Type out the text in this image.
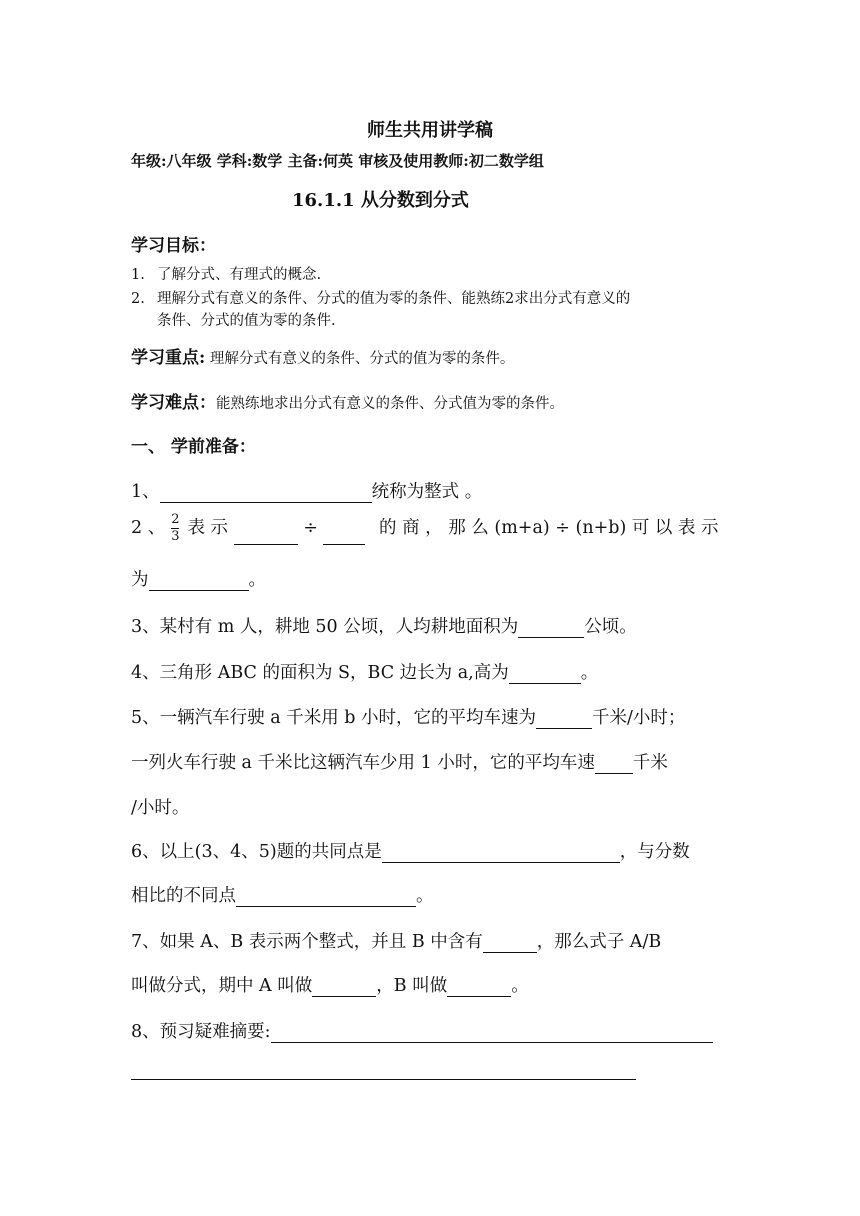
师生共用讲学稿
年级:八年级 学科:数学 主备:何英 审核及使用教师:初二数学组
16.1.1 从分数到分式
学习目标：
1. 了解分式、有理式的概念.
2. 理解分式有意义的条件、分式的值为零的条件、能熟练2求出分式有意义的
条件、分式的值为零的条件.
学习重点: 理解分式有意义的条件、分式的值为零的条件。
学习难点：能熟练地求出分式有意义的条件、分式值为零的条件。
一、 学前准备：
1、	统称为整式 。
2 、 $\frac{2}{3}$ 表 示	÷	的 商 ， 那 么 (m+a) ÷ (n+b) 可 以 表 示
为	。
3、某村有 m 人，耕地 50 公顷，人均耕地面积为	公顷。
4、三角形 ABC 的面积为 S，BC 边长为 a,高为	。
5、一辆汽车行驶 a 千米用 b 小时，它的平均车速为	千米/小时；
一列火车行驶 a 千米比这辆汽车少用 1 小时，它的平均车速 千米
/小时。
6、以上(3、4、5)题的共同点是	，与分数
相比的不同点	。
7、如果 A、B 表示两个整式，并且 B 中含有	，那么式子 A/B
叫做分式，期中 A 叫做	，B 叫做	。
8、预习疑难摘要:
